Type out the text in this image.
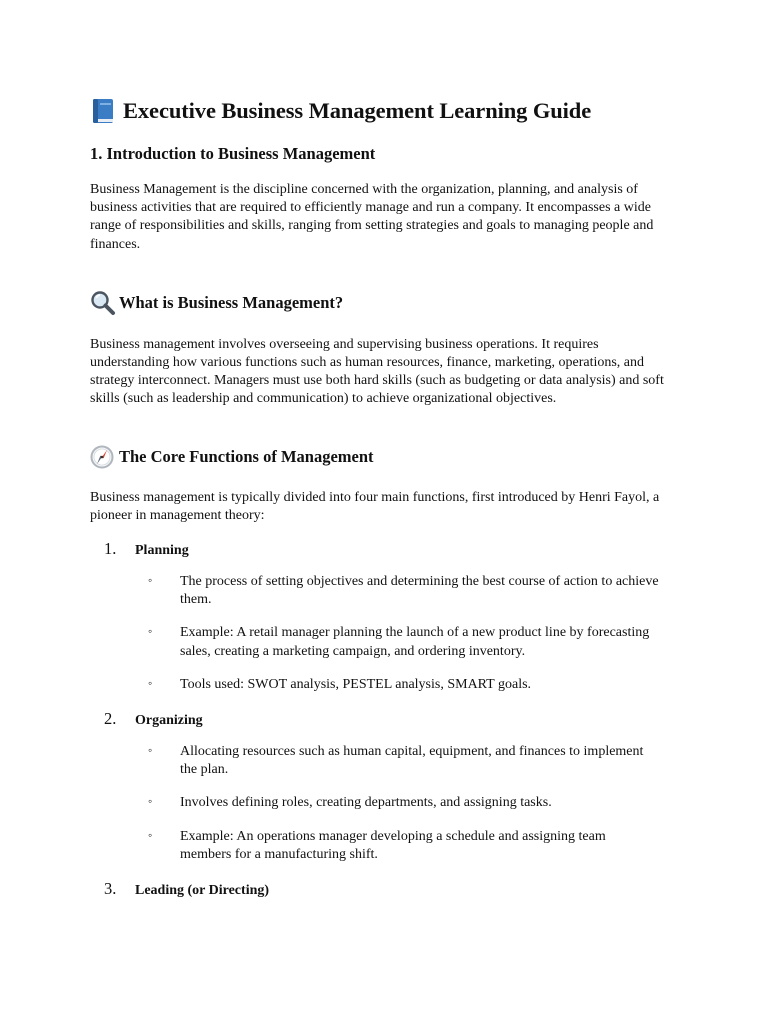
Executive Business Management Learning Guide
1. Introduction to Business Management

Business Management is the discipline concerned with the organization, planning, and analysis of business activities that are required to efficiently manage and run a company. It encompasses a wide range of responsibilities and skills, ranging from setting strategies and goals to managing people and finances.

What is Business Management?

Business management involves overseeing and supervising business operations. It requires understanding how various functions such as human resources, finance, marketing, operations, and strategy interconnect. Managers must use both hard skills (such as budgeting or data analysis) and soft skills (such as leadership and communication) to achieve organizational objectives.

The Core Functions of Management

Business management is typically divided into four main functions, first introduced by Henri Fayol, a pioneer in management theory:

1.	Planning
◦ The process of setting objectives and determining the best course of action to achieve them.
◦ Example: A retail manager planning the launch of a new product line by forecasting sales, creating a marketing campaign, and ordering inventory.
◦ Tools used: SWOT analysis, PESTEL analysis, SMART goals.
2.	Organizing
◦ Allocating resources such as human capital, equipment, and finances to implement the plan.
◦ Involves defining roles, creating departments, and assigning tasks.
◦ Example: An operations manager developing a schedule and assigning team members for a manufacturing shift.
3.	Leading (or Directing)
